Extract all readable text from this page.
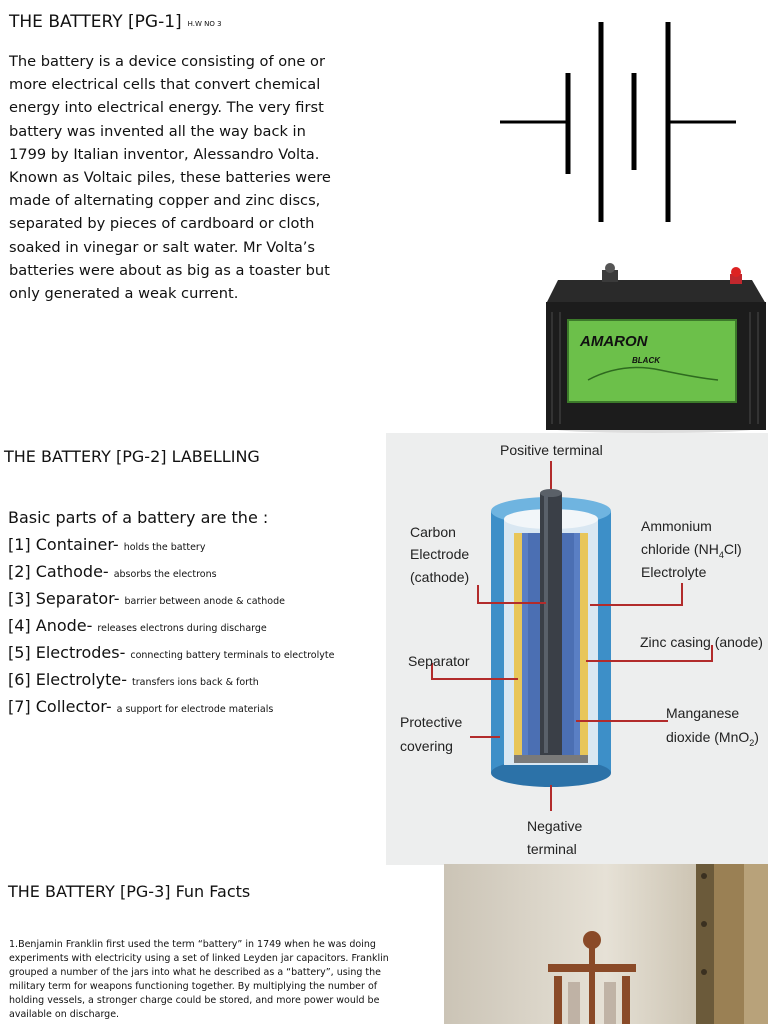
THE BATTERY [PG-1] H.W NO 3
The battery is a device consisting of one or more electrical cells that convert chemical energy into electrical energy. The very first battery was invented all the way back in 1799 by Italian inventor, Alessandro Volta. Known as Voltaic piles, these batteries were made of alternating copper and zinc discs, separated by pieces of cardboard or cloth soaked in vinegar or salt water. Mr Volta’s batteries were about as big as a toaster but only generated a weak current.
AMARON
BLACK
THE BATTERY [PG-2] LABELLING
Basic parts of a battery are the :
[1] Container- holds the battery
[2] Cathode- absorbs the electrons
[3] Separator- barrier between anode & cathode
[4] Anode- releases electrons during discharge
[5] Electrodes- connecting battery terminals to electrolyte
[6] Electrolyte- transfers ions back & forth
[7] Collector- a support for electrode materials
Positive terminal
Carbon
Electrode
(cathode)
Ammonium
chloride $(NH_4Cl)$
Electrolyte
Zinc casing (anode)
Separator
Protective
covering
Manganese
dioxide (MnO$_2$)
Negative
terminal
THE BATTERY [PG-3] Fun Facts
1.Benjamin Franklin first used the term “battery” in 1749 when he was doing experiments with electricity using a set of linked Leyden jar capacitors. Franklin grouped a number of the jars into what he described as a “battery”, using the military term for weapons functioning together. By multiplying the number of holding vessels, a stronger charge could be stored, and more power would be available on discharge.
